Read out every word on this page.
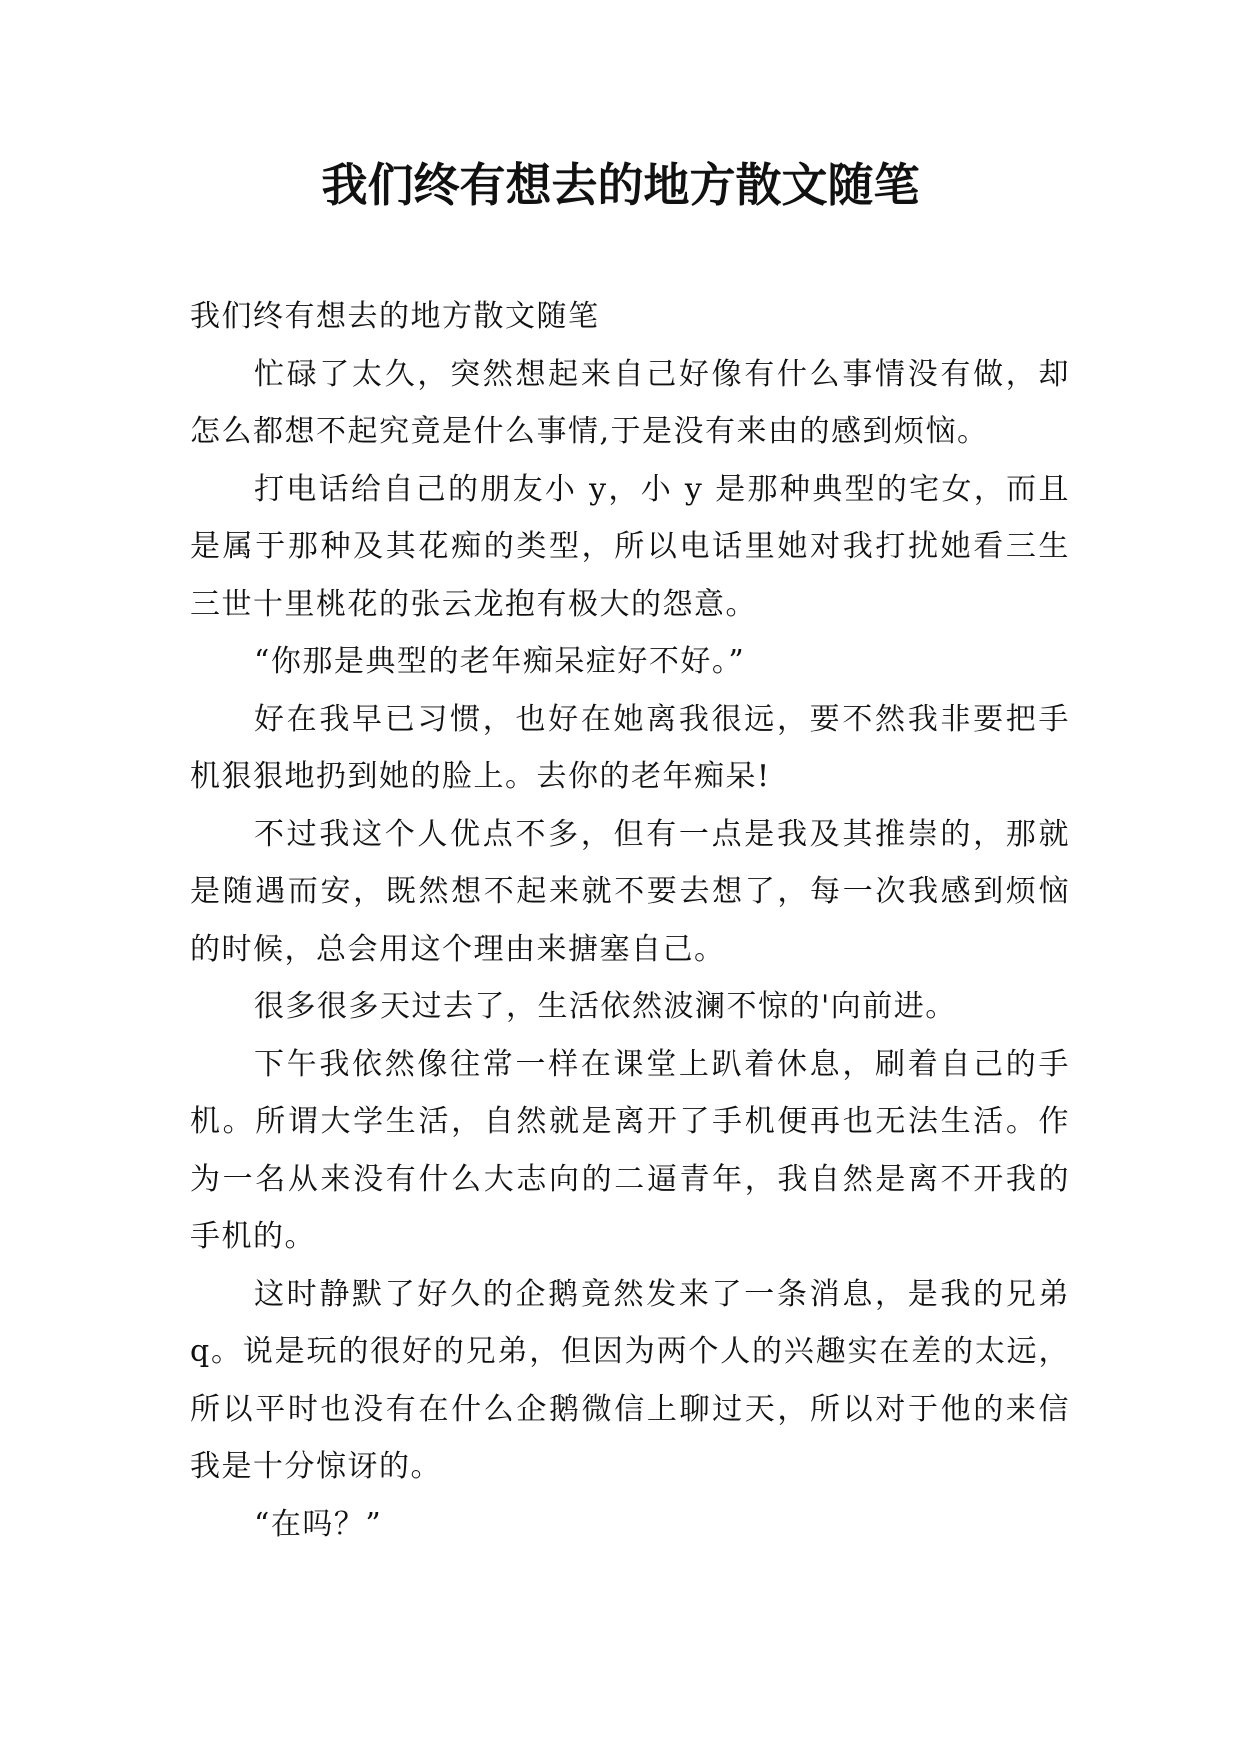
我们终有想去的地方散文随笔

我们终有想去的地方散文随笔

忙碌了太久，突然想起来自己好像有什么事情没有做，却怎么都想不起究竟是什么事情,于是没有来由的感到烦恼。

打电话给自己的朋友小 y，小 y 是那种典型的宅女，而且是属于那种及其花痴的类型，所以电话里她对我打扰她看三生三世十里桃花的张云龙抱有极大的怨意。

“你那是典型的老年痴呆症好不好。”

好在我早已习惯，也好在她离我很远，要不然我非要把手机狠狠地扔到她的脸上。去你的老年痴呆!

不过我这个人优点不多，但有一点是我及其推崇的，那就是随遇而安，既然想不起来就不要去想了，每一次我感到烦恼的时候，总会用这个理由来搪塞自己。

很多很多天过去了，生活依然波澜不惊的'向前进。

下午我依然像往常一样在课堂上趴着休息，刷着自己的手机。所谓大学生活，自然就是离开了手机便再也无法生活。作为一名从来没有什么大志向的二逼青年，我自然是离不开我的手机的。

这时静默了好久的企鹅竟然发来了一条消息，是我的兄弟 q。说是玩的很好的兄弟，但因为两个人的兴趣实在差的太远，所以平时也没有在什么企鹅微信上聊过天，所以对于他的来信我是十分惊讶的。

“在吗？”
